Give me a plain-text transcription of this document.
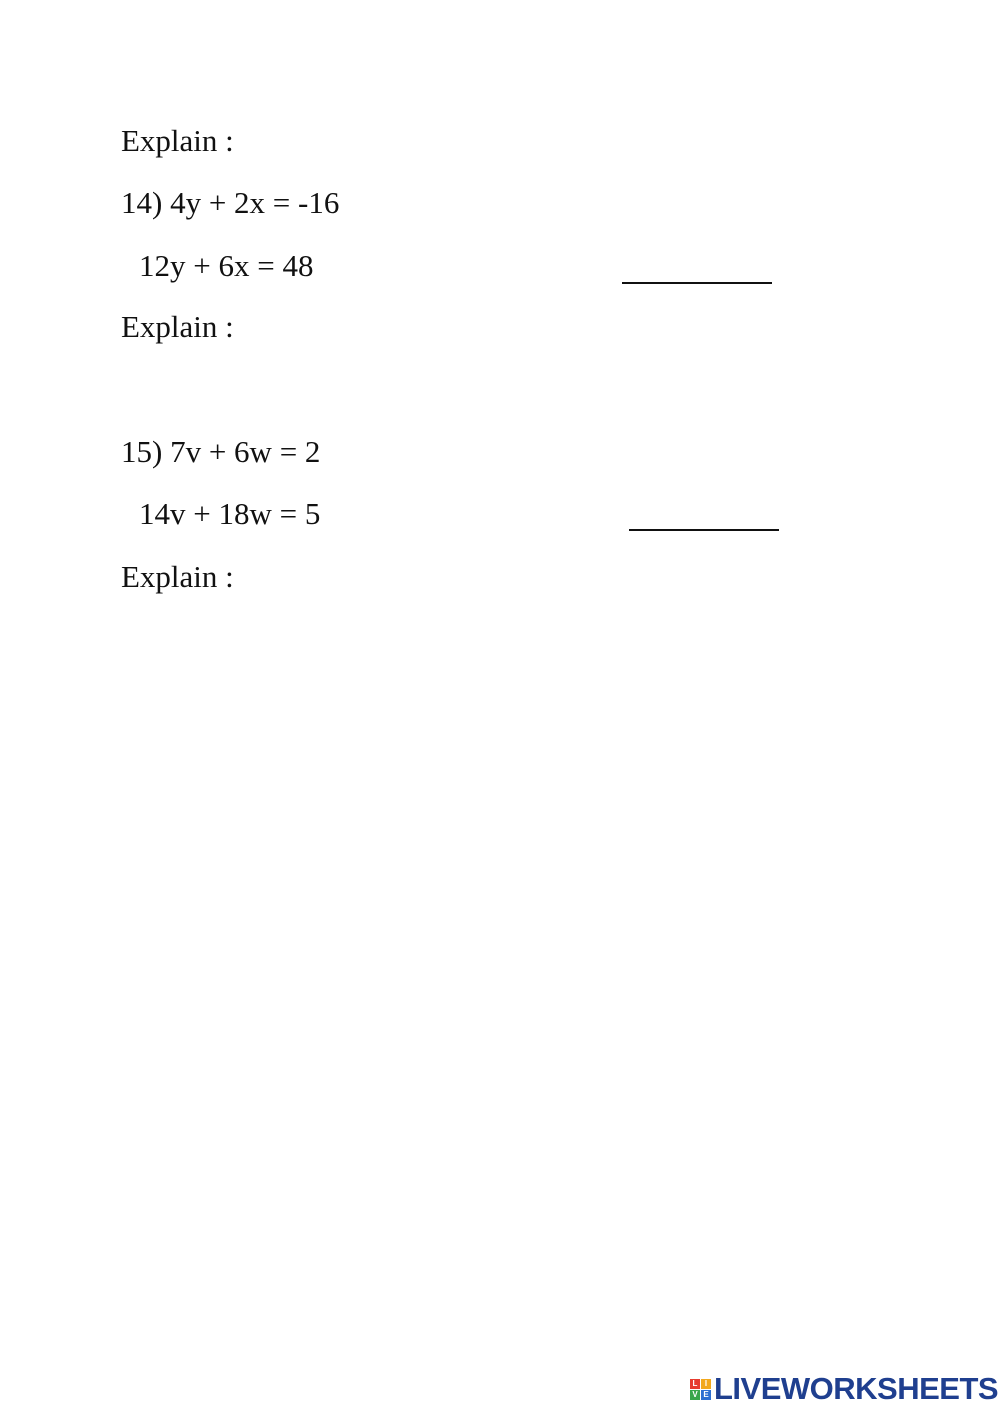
Explain :
14) 4y + 2x = -16
12y + 6x = 48
Explain :
15) 7v + 6w = 2
14v + 18w = 5
Explain :
L I
V E LIVEWORKSHEETS
